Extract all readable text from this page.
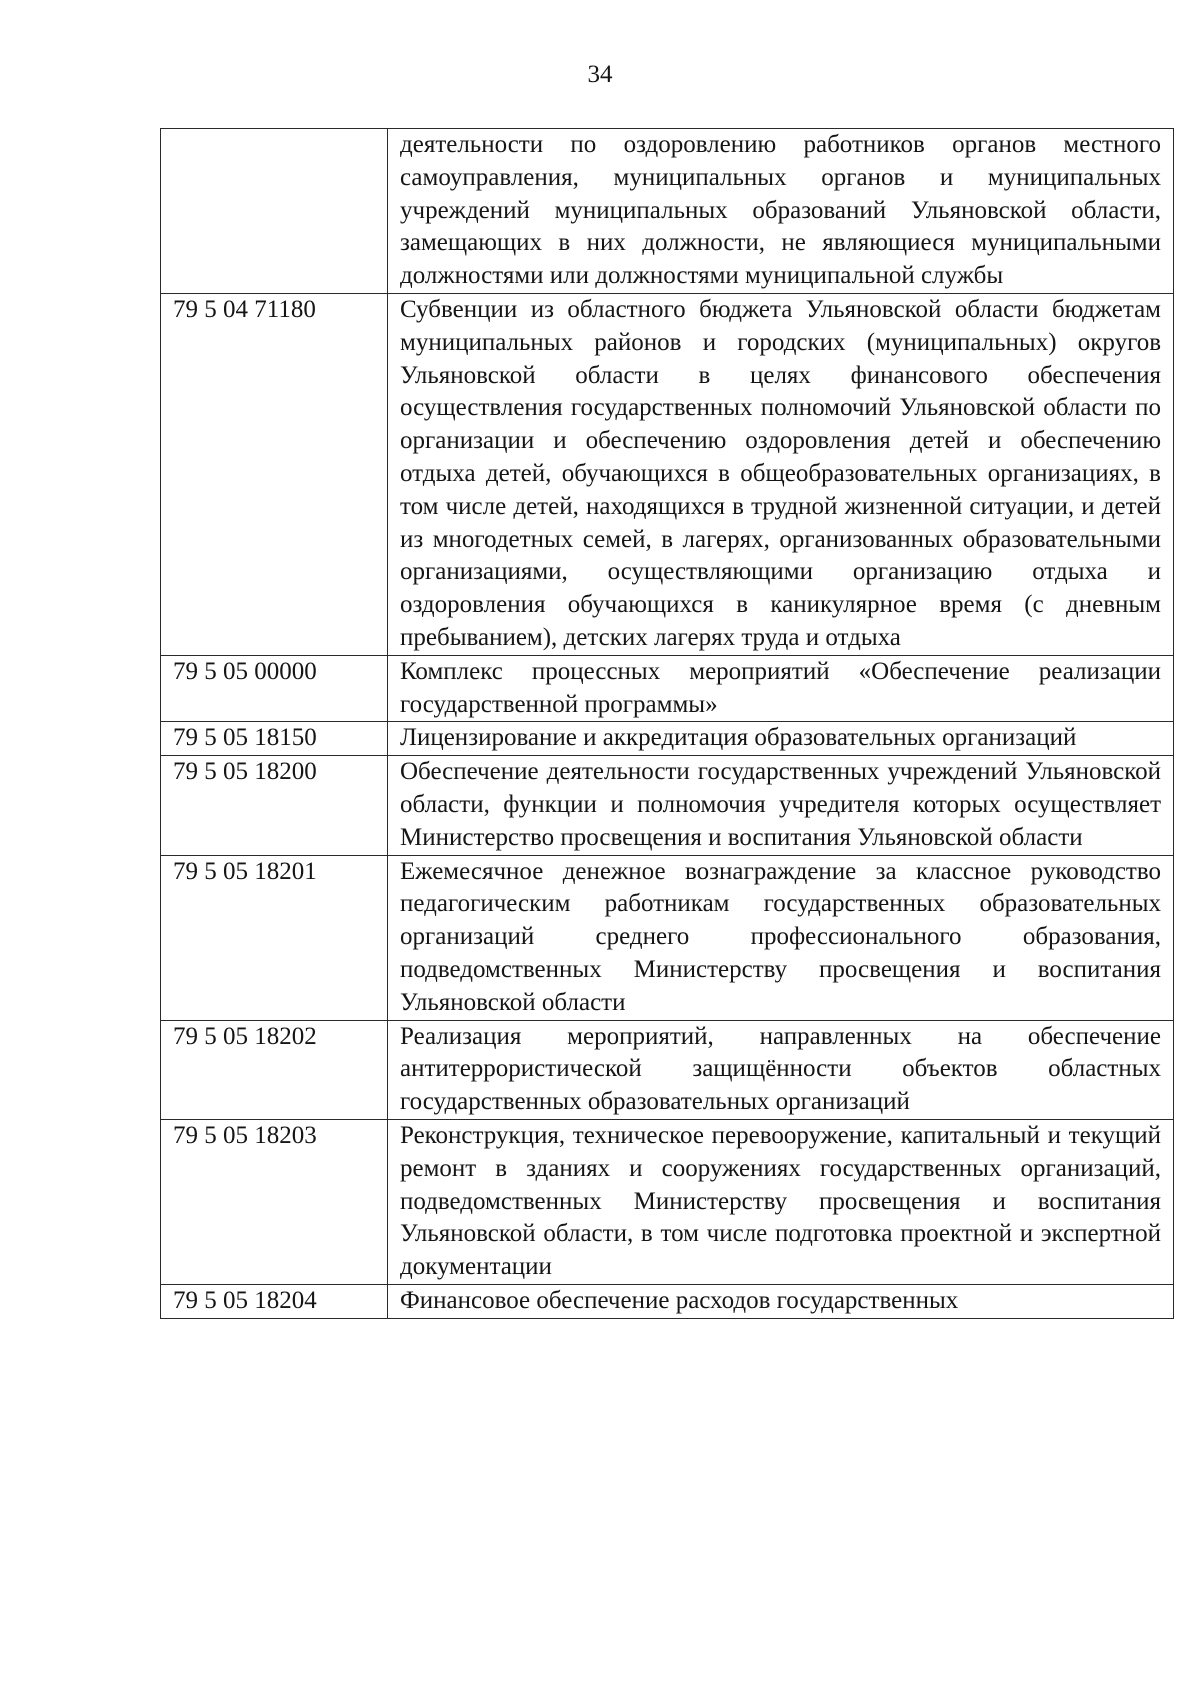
34
	деятельности по оздоровлению работников органов местного самоуправления, муниципальных органов и муниципальных учреждений муниципальных образований Ульяновской области, замещающих в них должности, не являющиеся муниципальными должностями или должностями муниципальной службы
79 5 04 71180	Субвенции из областного бюджета Ульяновской области бюджетам муниципальных районов и городских (муниципальных) округов Ульяновской области в целях финансового обеспечения осуществления государственных полномочий Ульяновской области по организации и обеспечению оздоровления детей и обеспечению отдыха детей, обучающихся в общеобразовательных организациях, в том числе детей, находящихся в трудной жизненной ситуации, и детей из многодетных семей, в лагерях, организованных образовательными организациями, осуществляющими организацию отдыха и оздоровления обучающихся в каникулярное время (с дневным пребыванием), детских лагерях труда и отдыха
79 5 05 00000	Комплекс процессных мероприятий «Обеспечение реализации государственной программы»
79 5 05 18150	Лицензирование и аккредитация образовательных организаций
79 5 05 18200	Обеспечение деятельности государственных учреждений Ульяновской области, функции и полномочия учредителя которых осуществляет Министерство просвещения и воспитания Ульяновской области
79 5 05 18201	Ежемесячное денежное вознаграждение за классное руководство педагогическим работникам государственных образовательных организаций среднего профессионального образования, подведомственных Министерству просвещения и воспитания Ульяновской области
79 5 05 18202	Реализация мероприятий, направленных на обеспечение антитеррористической защищённости объектов областных государственных образовательных организаций
79 5 05 18203	Реконструкция, техническое перевооружение, капитальный и текущий ремонт в зданиях и сооружениях государственных организаций, подведомственных Министерству просвещения и воспитания Ульяновской области, в том числе подготовка проектной и экспертной документации
79 5 05 18204	Финансовое обеспечение расходов государственных
